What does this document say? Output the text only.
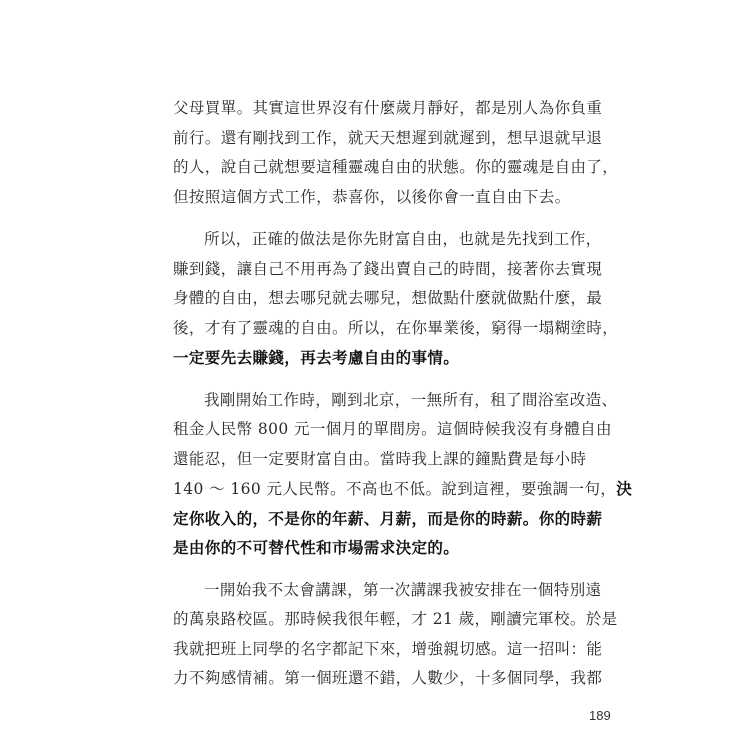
父母買單。其實這世界沒有什麼歲月靜好，都是別人為你負重
前行。還有剛找到工作，就天天想遲到就遲到，想早退就早退
的人，說自己就想要這種靈魂自由的狀態。你的靈魂是自由了，
但按照這個方式工作，恭喜你，以後你會一直自由下去。
所以，正確的做法是你先財富自由，也就是先找到工作，
賺到錢，讓自己不用再為了錢出賣自己的時間，接著你去實現
身體的自由，想去哪兒就去哪兒，想做點什麼就做點什麼，最
後，才有了靈魂的自由。所以，在你畢業後，窮得一塌糊塗時，
一定要先去賺錢，再去考慮自由的事情。
我剛開始工作時，剛到北京，一無所有，租了間浴室改造、
租金人民幣 800 元一個月的單間房。這個時候我沒有身體自由
還能忍，但一定要財富自由。當時我上課的鐘點費是每小時
140 ～ 160 元人民幣。不高也不低。說到這裡，要強調一句，決
定你收入的，不是你的年薪、月薪，而是你的時薪。你的時薪
是由你的不可替代性和市場需求決定的。
一開始我不太會講課，第一次講課我被安排在一個特別遠
的萬泉路校區。那時候我很年輕，才 21 歲，剛讀完軍校。於是
我就把班上同學的名字都記下來，增強親切感。這一招叫：能
力不夠感情補。第一個班還不錯，人數少，十多個同學，我都
189
